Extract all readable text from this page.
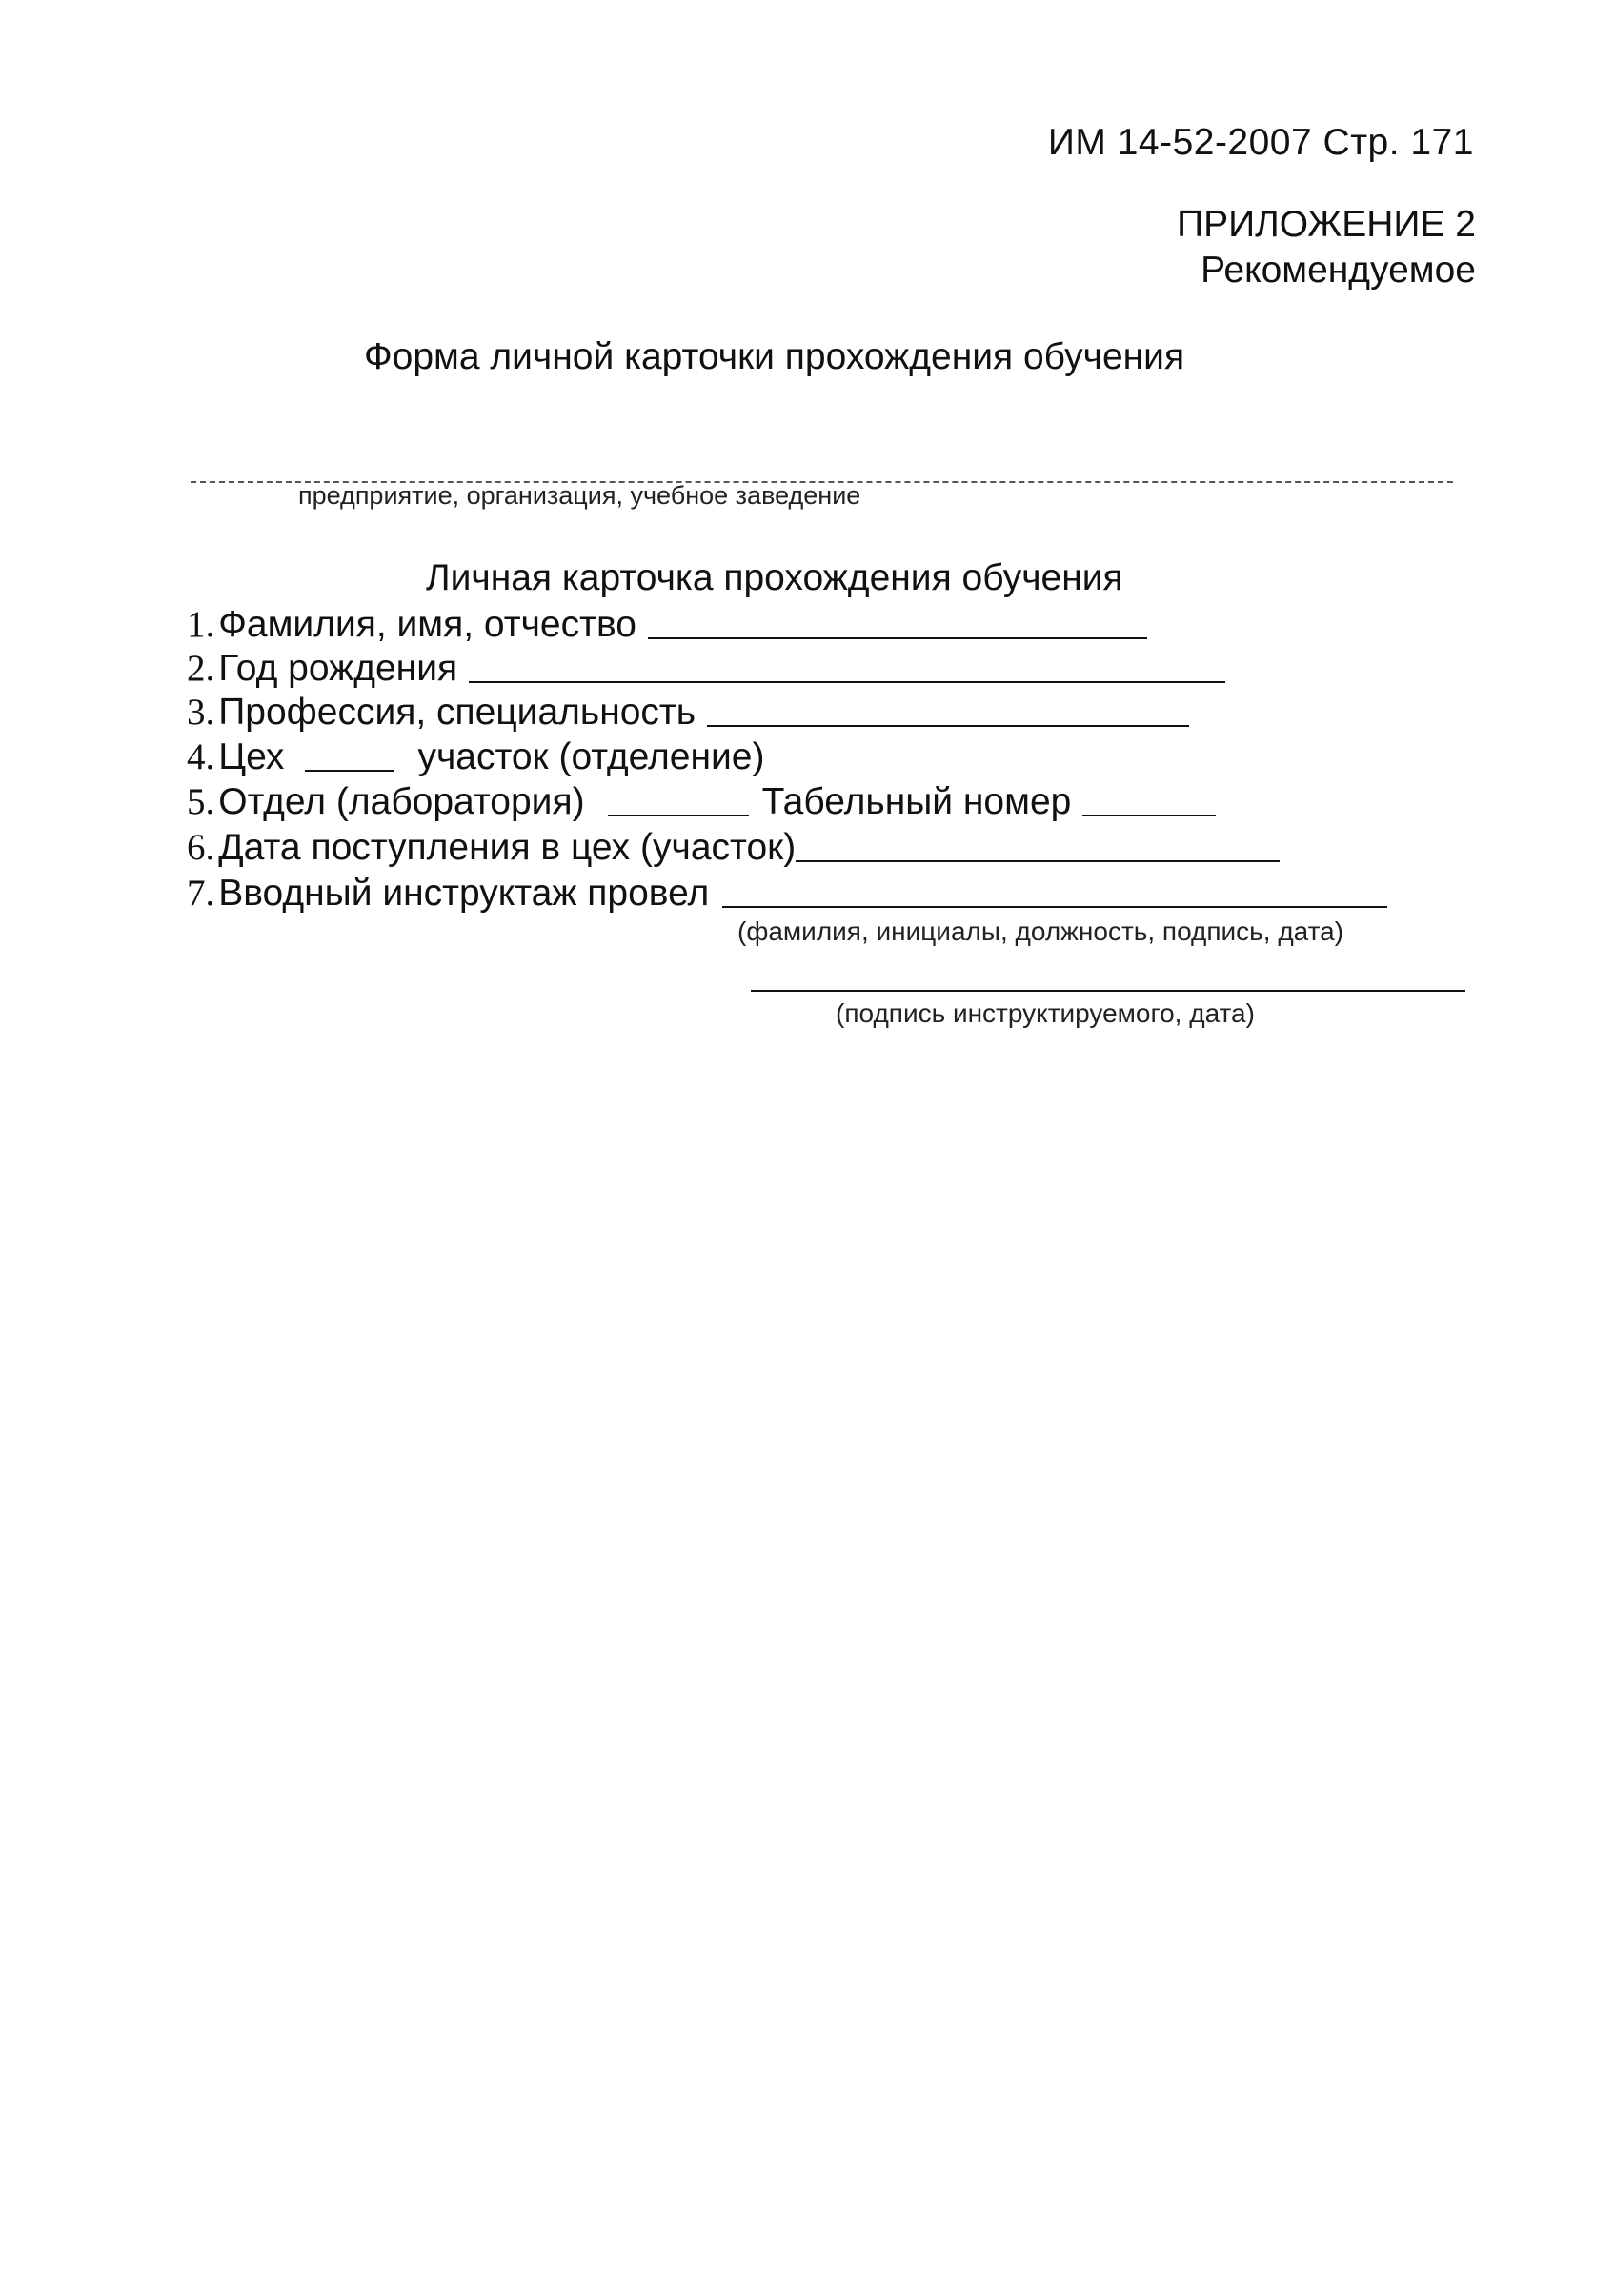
ИМ 14-52-2007 Стр. 171
ПРИЛОЖЕНИЕ 2
Рекомендуемое
Форма личной карточки прохождения обучения
предприятие, организация, учебное заведение
Личная карточка прохождения обучения
1. Фамилия, имя, отчество
2. Год рождения
3. Профессия, специальность
4. Цех	участок (отделение)
5. Отдел (лаборатория)	Табельный номер
6. Дата поступления в цех (участок)
7. Вводный инструктаж провел
(фамилия, инициалы, должность, подпись, дата)
(подпись инструктируемого, дата)
